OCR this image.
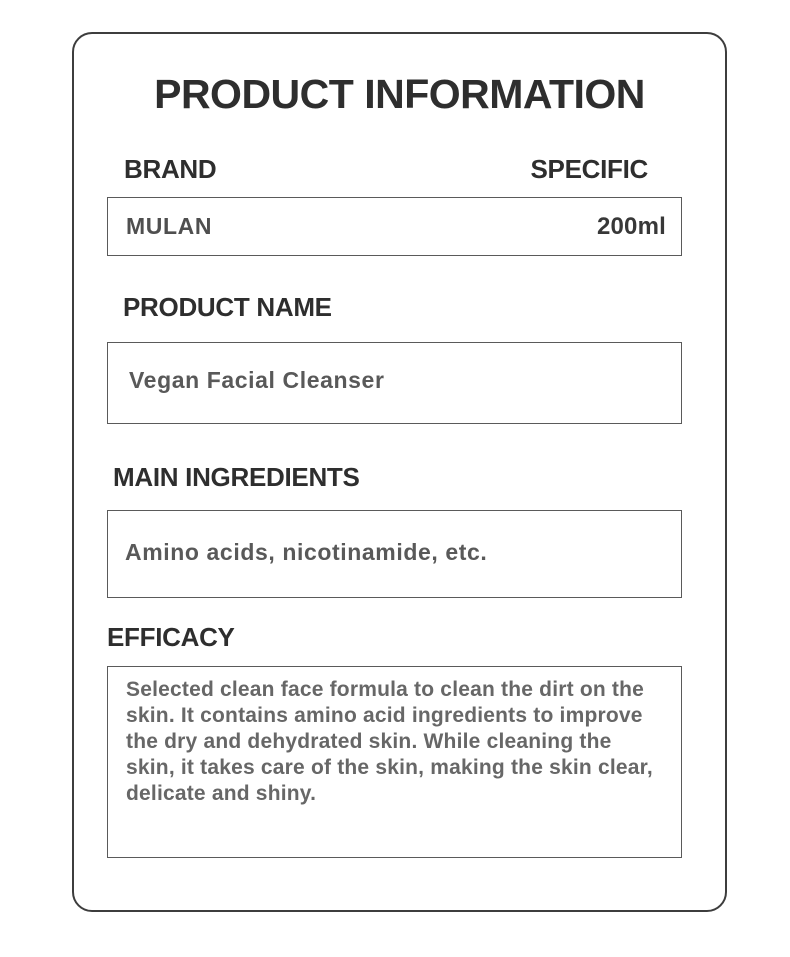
PRODUCT INFORMATION
BRAND	SPECIFIC
MULAN	200ml
PRODUCT NAME
Vegan Facial Cleanser
MAIN INGREDIENTS
Amino acids, nicotinamide, etc.
EFFICACY
Selected clean face formula to clean the dirt on the skin. It contains amino acid ingredients to improve the dry and dehydrated skin. While cleaning the skin, it takes care of the skin, making the skin clear, delicate and shiny.
